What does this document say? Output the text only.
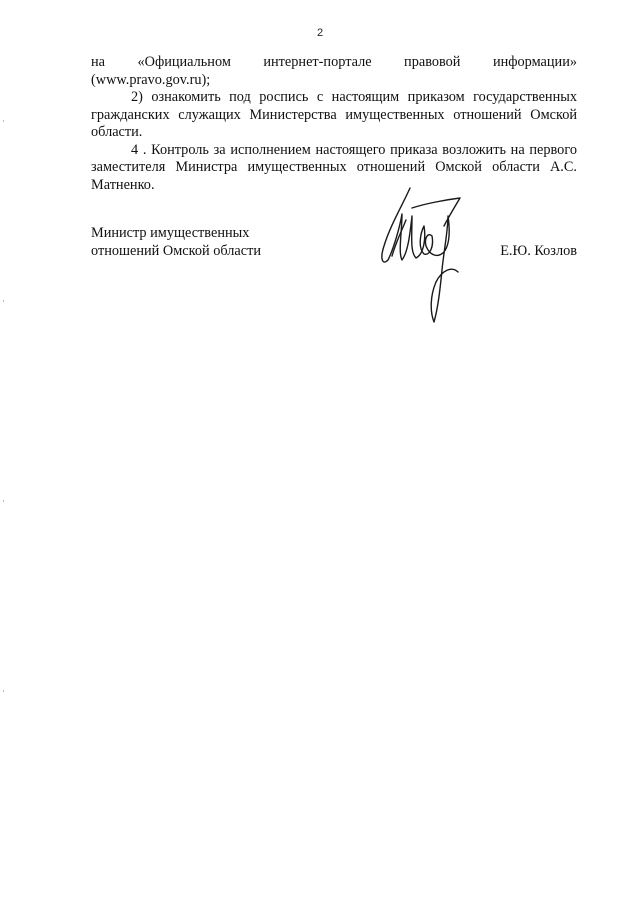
2

на «Официальном интернет-портале правовой информации» (www.pravo.gov.ru);

2) ознакомить под роспись с настоящим приказом государственных гражданских служащих Министерства имущественных отношений Омской области.

4 . Контроль за исполнением настоящего приказа возложить на первого заместителя Министра имущественных отношений Омской области А.С. Матненко.

Министр имущественных
отношений Омской области	Е.Ю. Козлов
